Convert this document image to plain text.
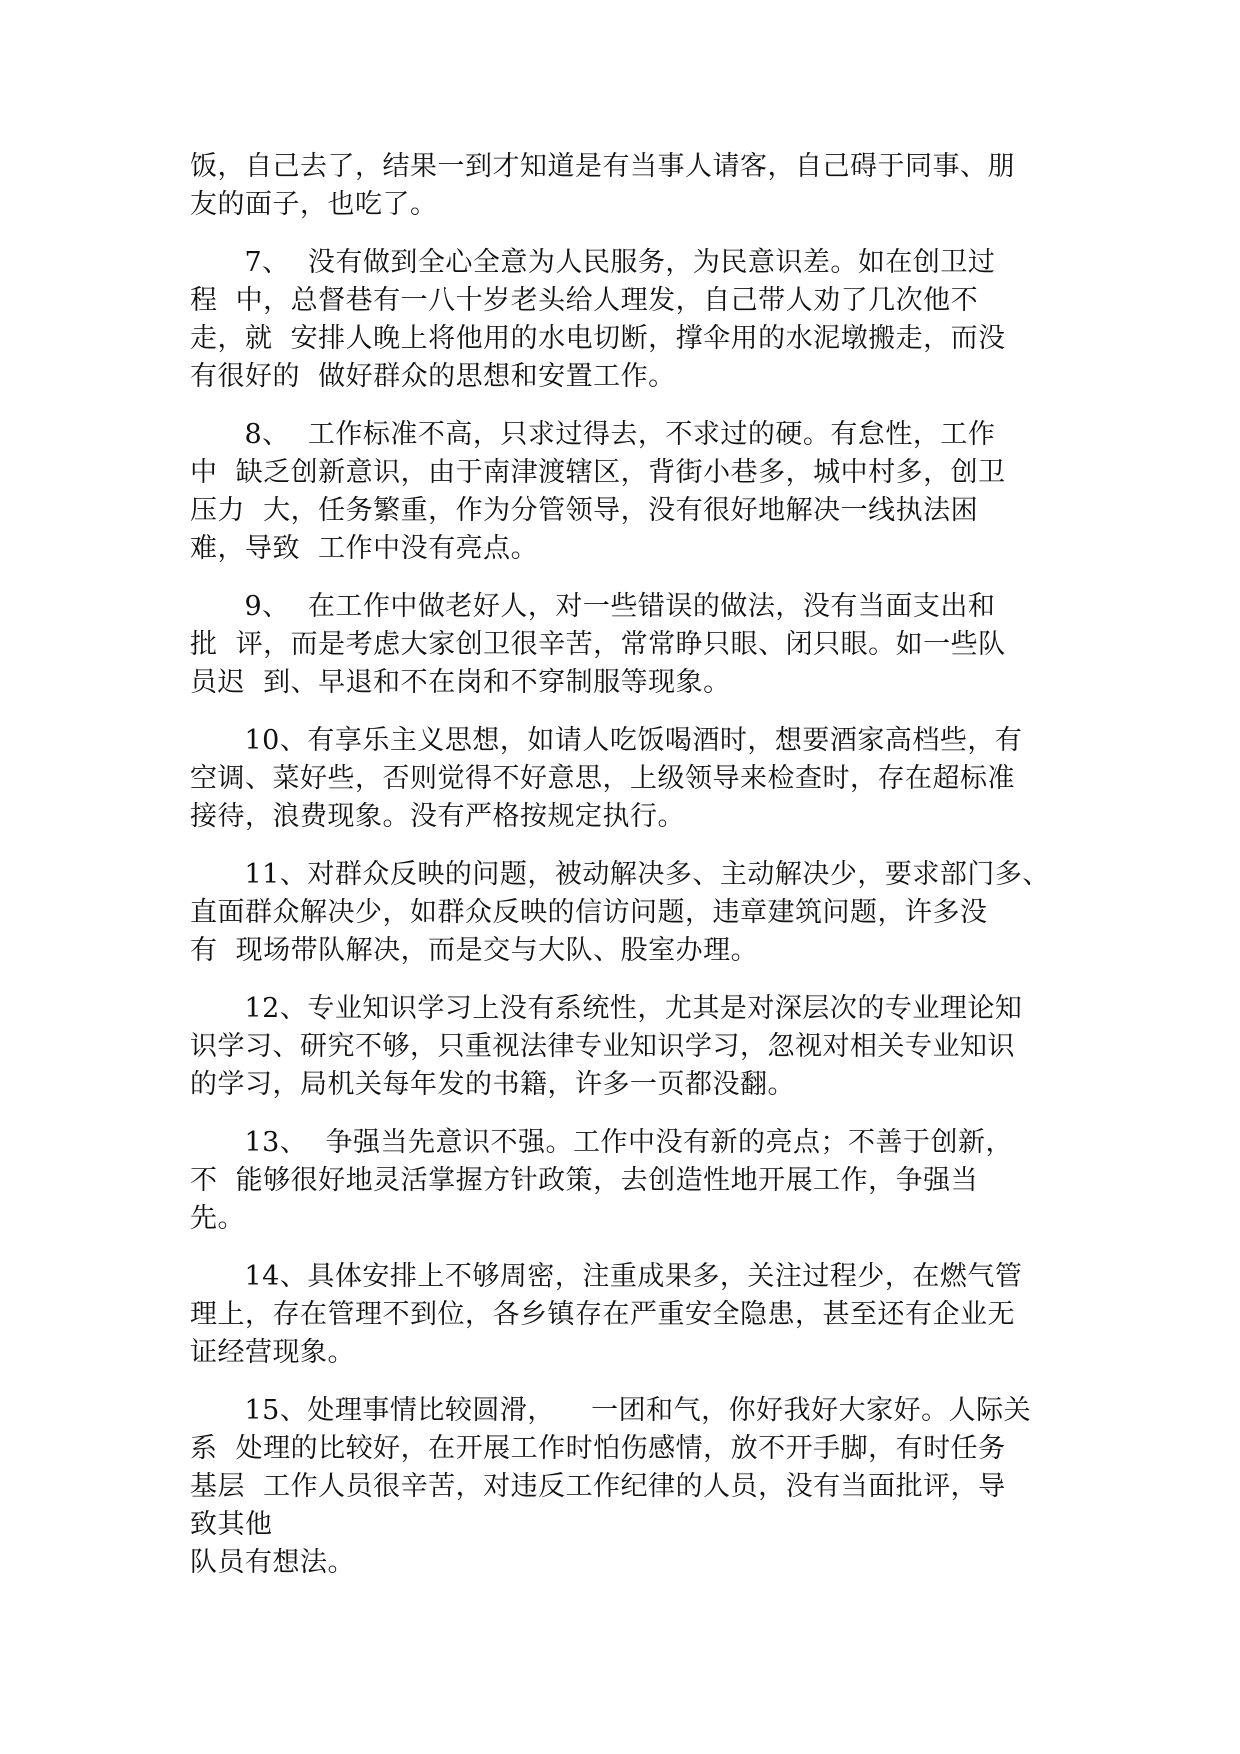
饭，自己去了，结果一到才知道是有当事人请客，自己碍于同事、朋
友的面子，也吃了。
7、  没有做到全心全意为人民服务，为民意识差。如在创卫过
程  中，总督巷有一八十岁老头给人理发，自己带人劝了几次他不
走，就  安排人晚上将他用的水电切断，撑伞用的水泥墩搬走，而没
有很好的  做好群众的思想和安置工作。
8、  工作标准不高，只求过得去，不求过的硬。有怠性，工作
中  缺乏创新意识，由于南津渡辖区，背街小巷多，城中村多，创卫
压力  大，任务繁重，作为分管领导，没有很好地解决一线执法困
难，导致  工作中没有亮点。
9、  在工作中做老好人，对一些错误的做法，没有当面支出和
批  评，而是考虑大家创卫很辛苦，常常睁只眼、闭只眼。如一些队
员迟  到、早退和不在岗和不穿制服等现象。
10、有享乐主义思想，如请人吃饭喝酒时，想要酒家高档些，有
空调、菜好些，否则觉得不好意思，上级领导来检查时，存在超标准
接待，浪费现象。没有严格按规定执行。
11、对群众反映的问题，被动解决多、主动解决少，要求部门多、
直面群众解决少，如群众反映的信访问题，违章建筑问题，许多没
有  现场带队解决，而是交与大队、股室办理。
12、专业知识学习上没有系统性，尤其是对深层次的专业理论知
识学习、研究不够，只重视法律专业知识学习，忽视对相关专业知识
的学习，局机关每年发的书籍，许多一页都没翻。
13、  争强当先意识不强。工作中没有新的亮点；不善于创新，
不  能够很好地灵活掌握方针政策，去创造性地开展工作，争强当
先。
14、具体安排上不够周密，注重成果多，关注过程少，在燃气管
理上，存在管理不到位，各乡镇存在严重安全隐患，甚至还有企业无
证经营现象。
15、处理事情比较圆滑，    一团和气，你好我好大家好。人际关
系  处理的比较好，在开展工作时怕伤感情，放不开手脚，有时任务
基层  工作人员很辛苦，对违反工作纪律的人员，没有当面批评，导
致其他
队员有想法。
